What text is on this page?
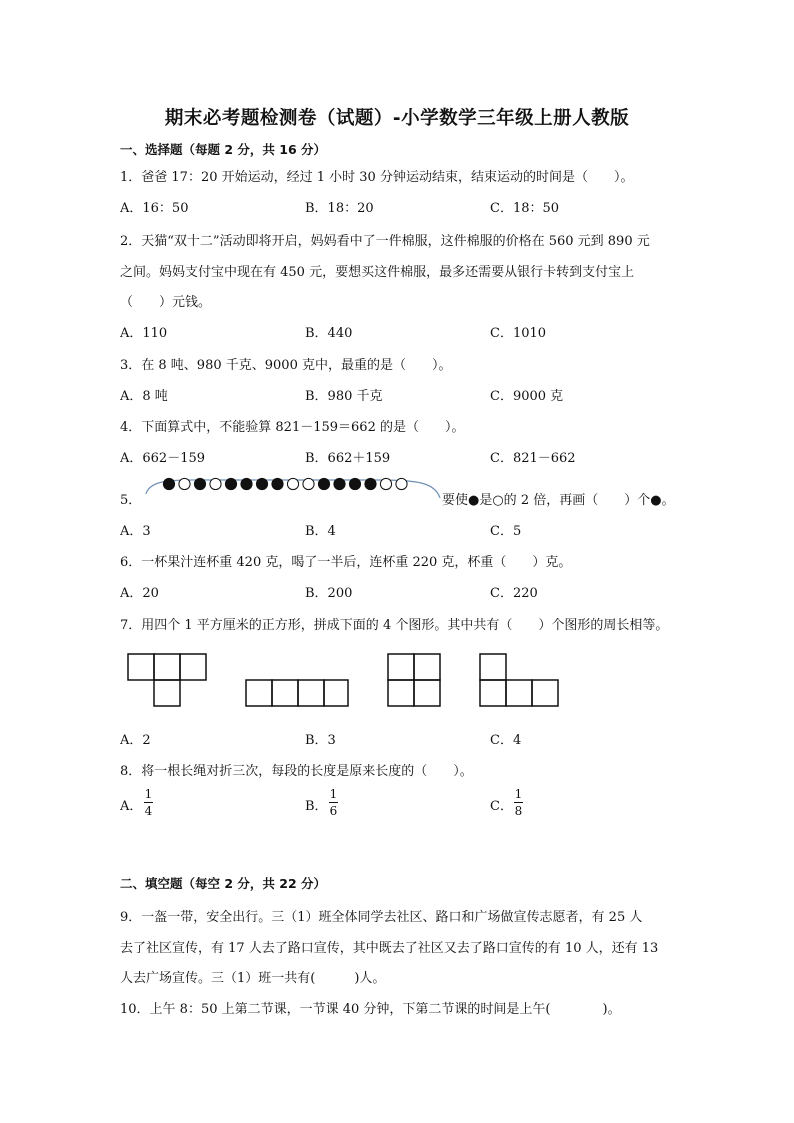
期末必考题检测卷（试题）-小学数学三年级上册人教版
一、选择题（每题 2 分，共 16 分）
1．爸爸 17：20 开始运动，经过 1 小时 30 分钟运动结束，结束运动的时间是（　　）。
A．16：50	B．18：20	C．18：50
2．天猫“双十二”活动即将开启，妈妈看中了一件棉服，这件棉服的价格在 560 元到 890 元
之间。妈妈支付宝中现在有 450 元，要想买这件棉服，最多还需要从银行卡转到支付宝上
（　　）元钱。
A．110	B．440	C．1010
3．在 8 吨、980 千克、9000 克中，最重的是（　　）。
A．8 吨	B．980 千克	C．9000 克
4．下面算式中，不能验算 821－159＝662 的是（　　）。
A．662－159	B．662＋159	C．821－662
5．	要使●是○的 2 倍，再画（　　）个●。
A．3	B．4	C．5
6．一杯果汁连杯重 420 克，喝了一半后，连杯重 220 克，杯重（　　）克。
A．20	B．200	C．220
7．用四个 1 平方厘米的正方形，拼成下面的 4 个图形。其中共有（　　）个图形的周长相等。
A．2	B．3	C．4
8．将一根长绳对折三次，每段的长度是原来长度的（　　）。
A．
1
4	B．
1
6	C．
1
8
二、填空题（每空 2 分，共 22 分）
9．一盔一带，安全出行。三（1）班全体同学去社区、路口和广场做宣传志愿者，有 25 人
去了社区宣传，有 17 人去了路口宣传，其中既去了社区又去了路口宣传的有 10 人，还有 13
人去广场宣传。三（1）班一共有(　　　)人。
10．上午 8：50 上第二节课，一节课 40 分钟，下第二节课的时间是上午(　　　　)。
